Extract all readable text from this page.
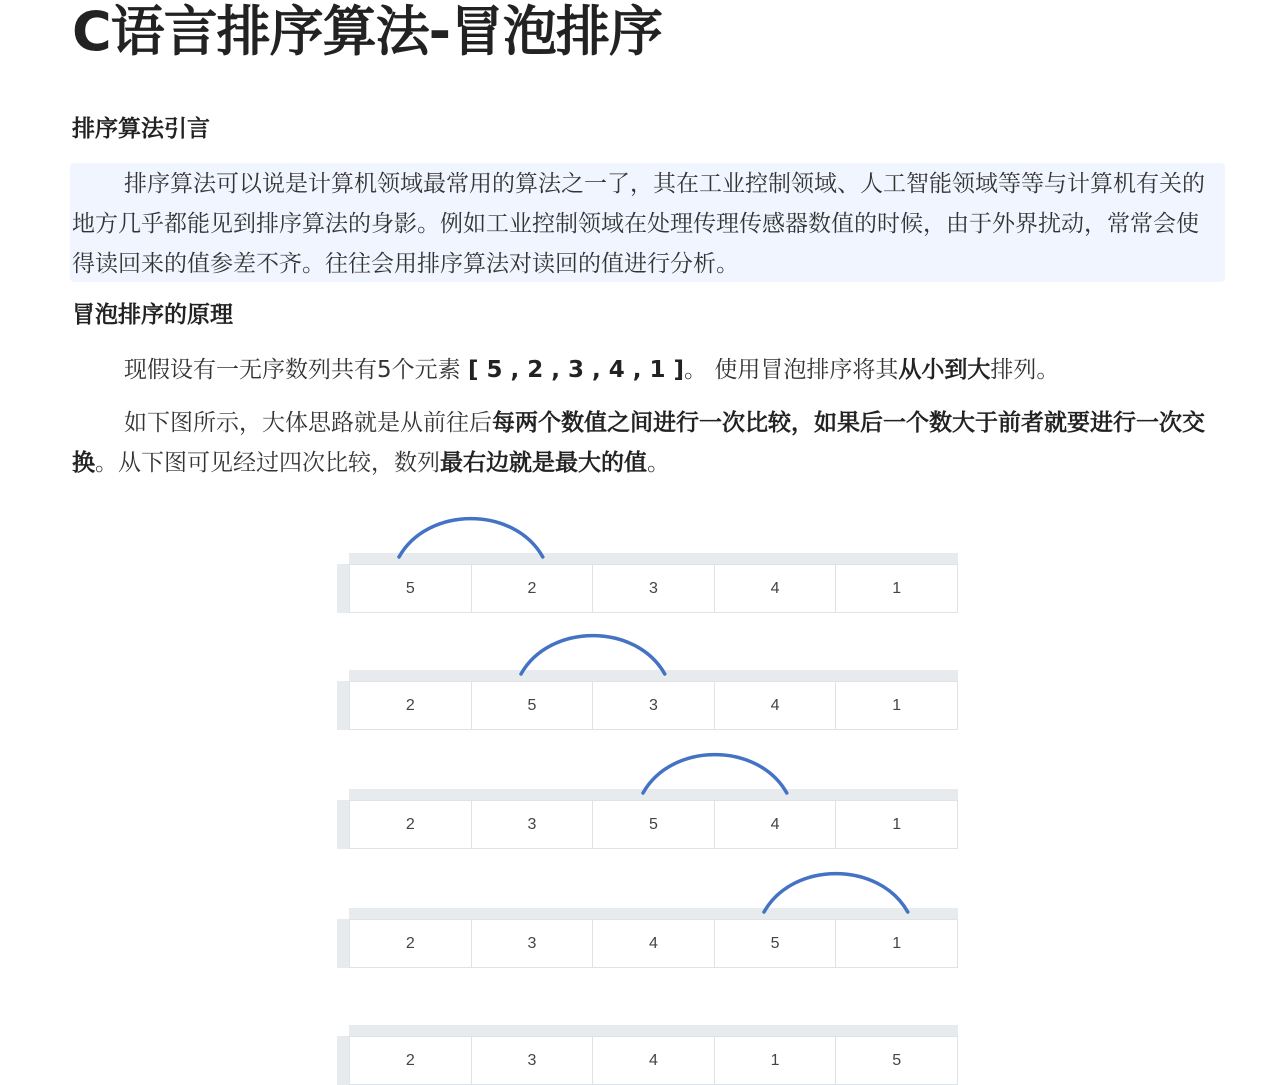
C语言排序算法-冒泡排序
排序算法引言

排序算法可以说是计算机领域最常用的算法之一了，其在工业控制领域、人工智能领域等等与计算机有关的地方几乎都能见到排序算法的身影。例如工业控制领域在处理传理传感器数值的时候，由于外界扰动，常常会使得读回来的值参差不齐。往往会用排序算法对读回的值进行分析。

冒泡排序的原理

现假设有一无序数列共有5个元素 [ 5 , 2 , 3 , 4 , 1 ]。 使用冒泡排序将其从小到大排列。

如下图所示，大体思路就是从前往后每两个数值之间进行一次比较，如果后一个数大于前者就要进行一次交换。从下图可见经过四次比较，数列最右边就是最大的值。

5	2	3	4	1
2	5	3	4	1
2	3	5	4	1
2	3	4	5	1
2	3	4	1	5
